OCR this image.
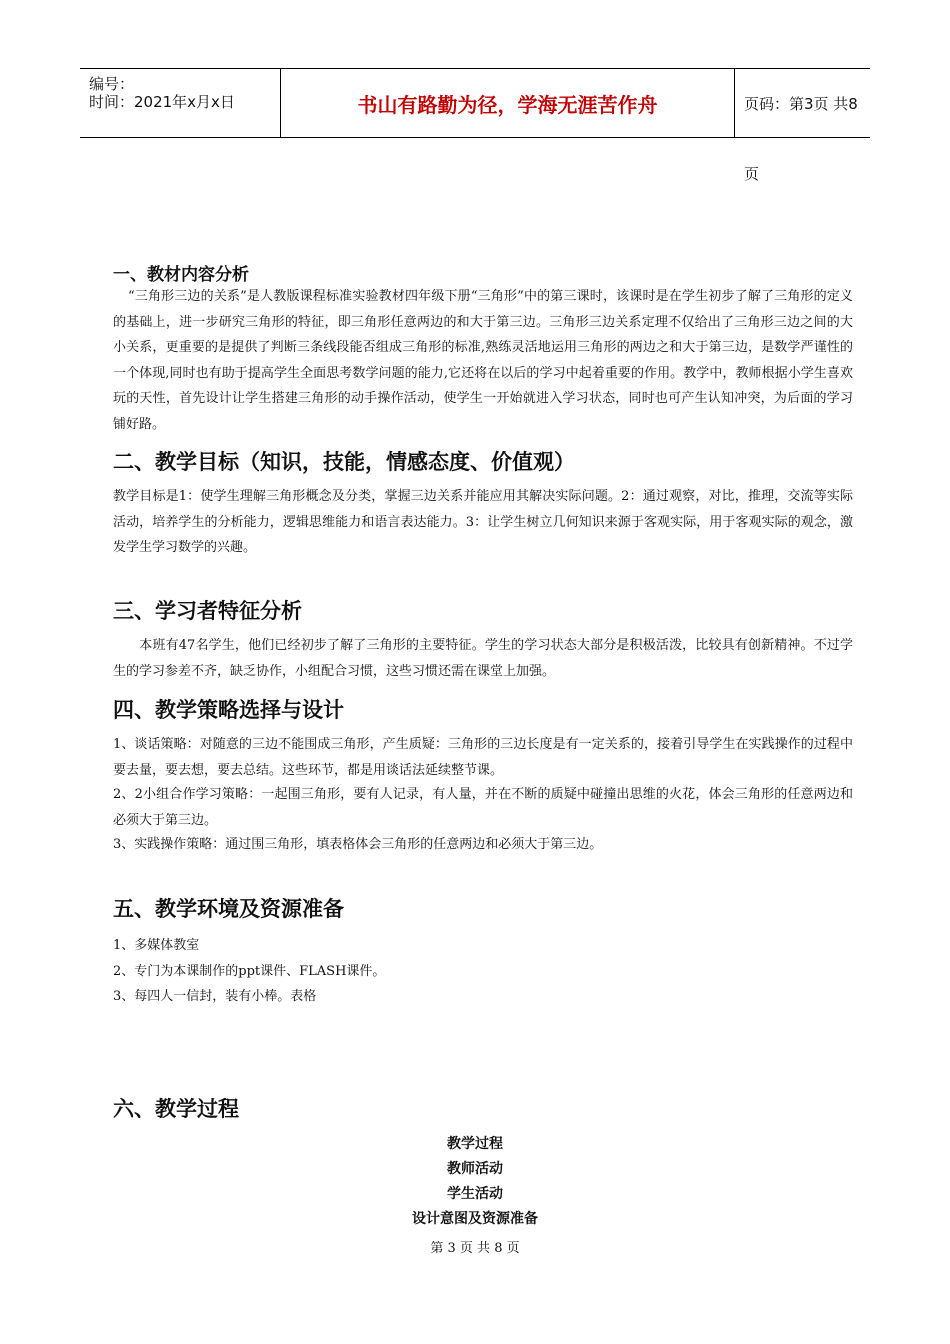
编号：
时间：2021年x月x日	书山有路勤为径，学海无涯苦作舟	页码：第3页 共8页
一、教材内容分析

“三角形三边的关系”是人教版课程标准实验教材四年级下册“三角形”中的第三课时，该课时是在学生初步了解了三角形的定义的基础上，进一步研究三角形的特征，即三角形任意两边的和大于第三边。三角形三边关系定理不仅给出了三角形三边之间的大小关系，更重要的是提供了判断三条线段能否组成三角形的标准,熟练灵活地运用三角形的两边之和大于第三边，是数学严谨性的一个体现,同时也有助于提高学生全面思考数学问题的能力,它还将在以后的学习中起着重要的作用。教学中，教师根据小学生喜欢玩的天性，首先设计让学生搭建三角形的动手操作活动，使学生一开始就进入学习状态，同时也可产生认知冲突，为后面的学习铺好路。

二、教学目标（知识，技能，情感态度、价值观）

教学目标是1：使学生理解三角形概念及分类，掌握三边关系并能应用其解决实际问题。2：通过观察，对比，推理，交流等实际活动，培养学生的分析能力，逻辑思维能力和语言表达能力。3：让学生树立几何知识来源于客观实际，用于客观实际的观念，激发学生学习数学的兴趣。

三、学习者特征分析

　　本班有47名学生，他们已经初步了解了三角形的主要特征。学生的学习状态大部分是积极活泼，比较具有创新精神。不过学生的学习参差不齐，缺乏协作，小组配合习惯，这些习惯还需在课堂上加强。

四、教学策略选择与设计

1、谈话策略：对随意的三边不能围成三角形，产生质疑：三角形的三边长度是有一定关系的，接着引导学生在实践操作的过程中要去量，要去想，要去总结。这些环节，都是用谈话法延续整节课。

2、2小组合作学习策略：一起围三角形，要有人记录，有人量，并在不断的质疑中碰撞出思维的火花，体会三角形的任意两边和必须大于第三边。

3、实践操作策略：通过围三角形，填表格体会三角形的任意两边和必须大于第三边。

五、教学环境及资源准备

1、多媒体教室

2、专门为本课制作的ppt课件、FLASH课件。

3、每四人一信封，装有小棒。表格

六、教学过程

教学过程

教师活动

学生活动

设计意图及资源准备

第 3 页 共 8 页
